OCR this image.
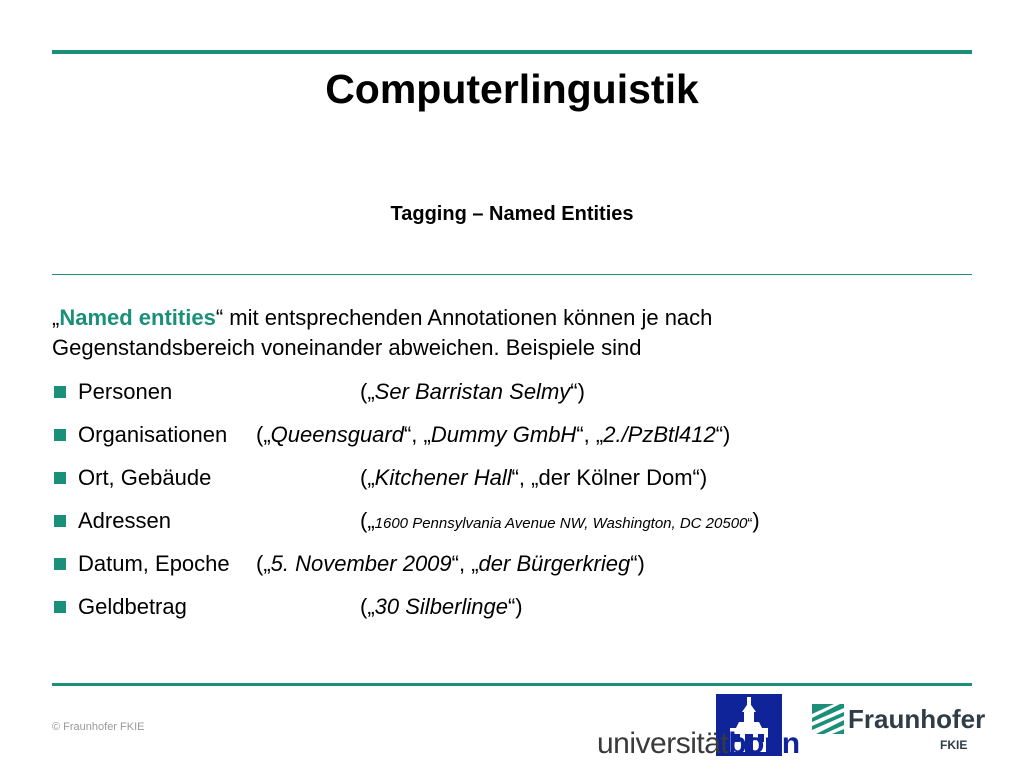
Computerlinguistik
Tagging – Named Entities
„Named entities“ mit entsprechenden Annotationen können je nach
Gegenstandsbereich voneinander abweichen. Beispiele sind
Personen	(„Ser Barristan Selmy“)
Organisationen („Queensguard“, „Dummy GmbH“, „2./PzBtl412“)
Ort, Gebäude	(„Kitchener Hall“, „der Kölner Dom“)
Adressen	(„1600 Pennsylvania Avenue NW, Washington, DC 20500“)
Datum, Epoche („5. November 2009“, „der Bürgerkrieg“)
Geldbetrag	(„30 Silberlinge“)
© Fraunhofer FKIE	universitätbonn
Fraunhofer
FKIE
